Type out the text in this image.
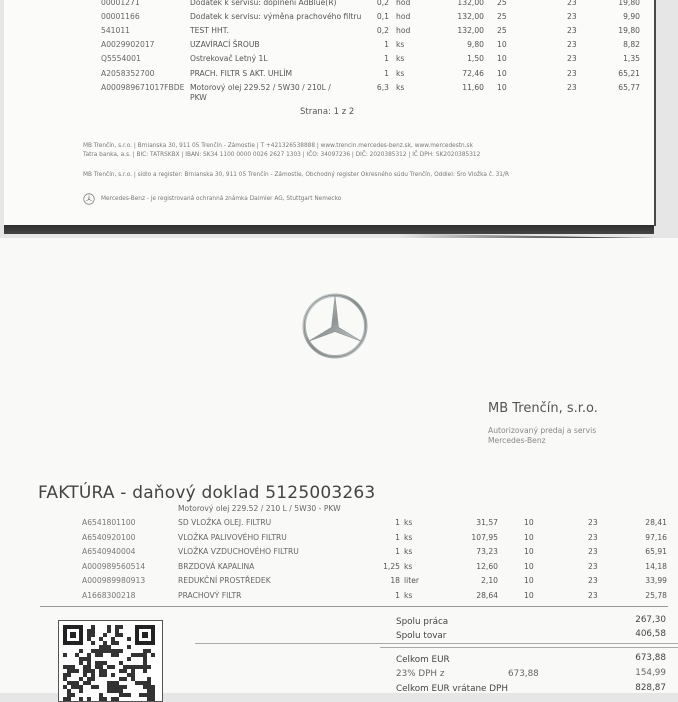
00001271	Dodatek k servisu: doplnění AdBlue(R)	0,2 hod	132,00 25	23	19,80
00001166	Dodatek k servisu: výměna prachového filtru	0,1 hod	132,00 25	23	9,90
541011	TEST HHT.	0,2 hod	132,00 25	23	19,80
A0029902017	UZAVÍRACÍ ŠROUB	1 ks	9,80 10	23	8,82
Q5554001	Ostrekovač Letný 1L	1 ks	1,50 10	23	1,35
A2058352700	PRACH. FILTR S AKT. UHLÍM	1 ks	72,46 10	23	65,21
A000989671017FBDE Motorový olej 229.52 / 5W30 / 210L /	6,3 ks	11,60 10	23	65,77
PKW
Strana: 1 z 2
MB Trenčín, s.r.o. | Brnianska 30, 911 05 Trenčín - Zámostie | T +421326538888 | www.trencin.mercedes-benz.sk, www.mercedestn.sk
Tatra banka, a.s. | BIC: TATRSKBX | IBAN: SK34 1100 0000 0026 2627 1303 | IČO: 34097236 | DIČ: 2020385312 | IČ DPH: SK2020385312
MB Trenčín, s.r.o. | sídlo a register: Brnianska 30, 911 05 Trenčín - Zámostie, Obchodný register Okresného súdu Trenčín, Oddiel: Sro Vložka č. 31/R
Mercedes-Benz - je registrovaná ochranná známka Daimler AG, Stuttgart Nemecko
MB Trenčín, s.r.o.
Autorizovaný predaj a servis
Mercedes-Benz
FAKTÚRA - daňový doklad 5125003263
Motorový olej 229.52 / 210 L / 5W30 - PKW
A6541801100	SD VLOŽKA OLEJ. FILTRU	1 ks	31,57	10	23	28,41
A6540920100	VLOŽKA PALIVOVÉHO FILTRU	1 ks	107,95	10	23	97,16
A6540940004	VLOŽKA VZDUCHOVÉHO FILTRU	1 ks	73,23	10	23	65,91
A000989560514	BRZDOVÁ KAPALINA	1,25 ks	12,60	10	23	14,18
A000989980913	REDUKČNÍ PROSTŘEDEK	18 liter	2,10	10	23	33,99
A1668300218	PRACHOVÝ FILTR	1 ks	28,64	10	23	25,78
Spolu práca	267,30
Spolu tovar	406,58
Celkom EUR	673,88
23% DPH z	673,88	154,99
Celkom EUR vrátane DPH	828,87
